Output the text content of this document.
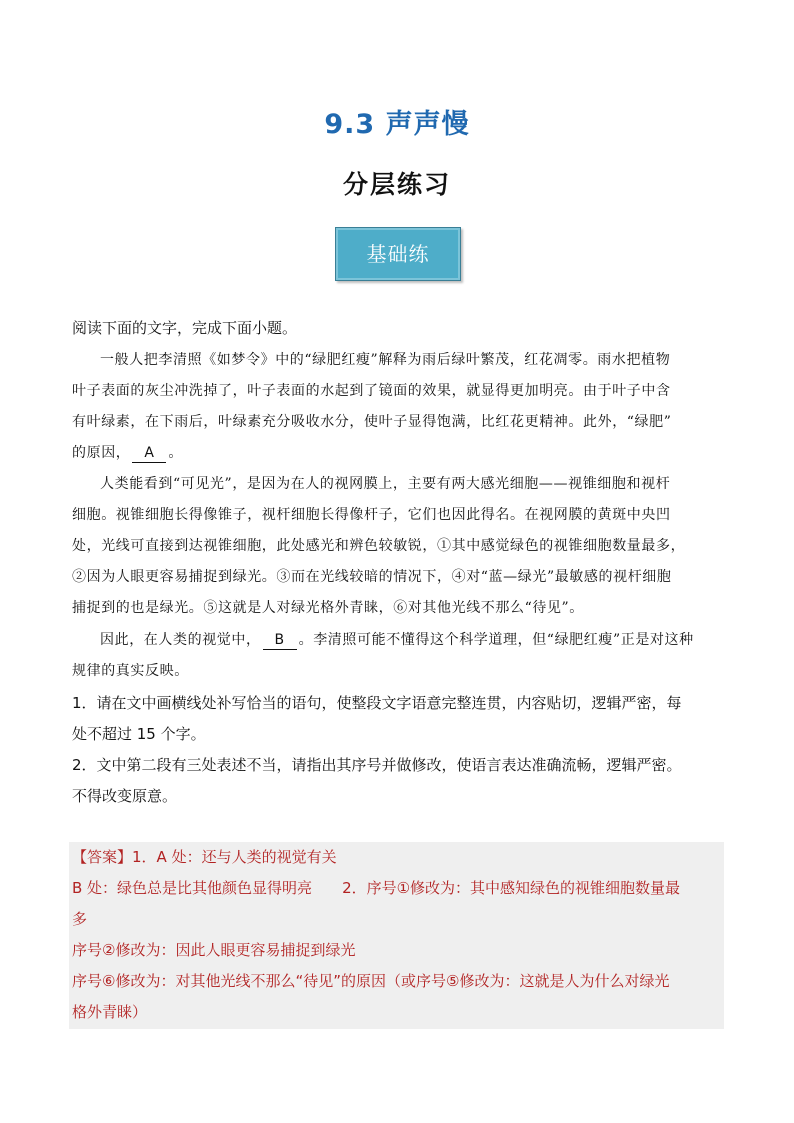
9.3 声声慢
分层练习
基础练
阅读下面的文字，完成下面小题。
一般人把李清照《如梦令》中的“绿肥红瘦”解释为雨后绿叶繁茂，红花凋零。雨水把植物
叶子表面的灰尘冲洗掉了，叶子表面的水起到了镜面的效果，就显得更加明亮。由于叶子中含
有叶绿素，在下雨后，叶绿素充分吸收水分，使叶子显得饱满，比红花更精神。此外，“绿肥”
的原因， A 。
人类能看到“可见光”，是因为在人的视网膜上，主要有两大感光细胞——视锥细胞和视杆
细胞。视锥细胞长得像锥子，视杆细胞长得像杆子，它们也因此得名。在视网膜的黄斑中央凹
处，光线可直接到达视锥细胞，此处感光和辨色较敏锐，①其中感觉绿色的视锥细胞数量最多，
②因为人眼更容易捕捉到绿光。③而在光线较暗的情况下，④对“蓝—绿光”最敏感的视杆细胞
捕捉到的也是绿光。⑤这就是人对绿光格外青睐，⑥对其他光线不那么“待见”。
因此，在人类的视觉中， B 。李清照可能不懂得这个科学道理，但“绿肥红瘦”正是对这种
规律的真实反映。
1．请在文中画横线处补写恰当的语句，使整段文字语意完整连贯，内容贴切，逻辑严密，每
处不超过 15 个字。
2．文中第二段有三处表述不当，请指出其序号并做修改，使语言表达准确流畅，逻辑严密。
不得改变原意。
【答案】1．A 处：还与人类的视觉有关
B 处：绿色总是比其他颜色显得明亮 2．序号①修改为：其中感知绿色的视锥细胞数量最
多
序号②修改为：因此人眼更容易捕捉到绿光
序号⑥修改为：对其他光线不那么“待见”的原因（或序号⑤修改为：这就是人为什么对绿光
格外青睐）
